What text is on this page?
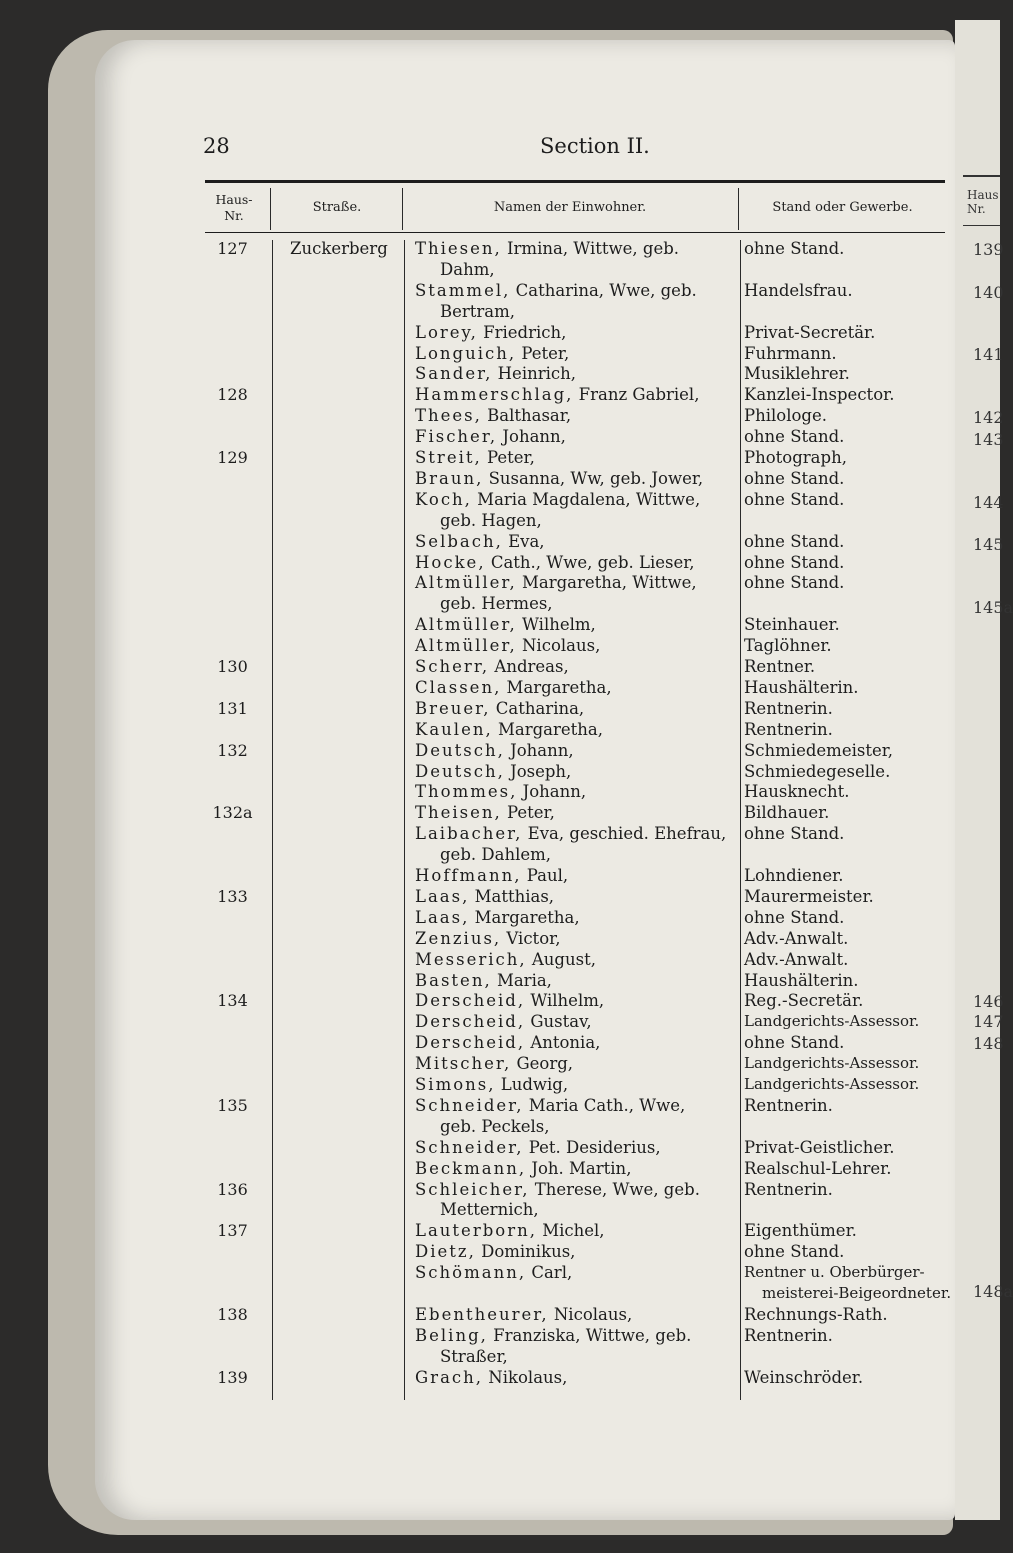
28	Section II.
Haus-
Nr.
Straße.	Namen der Einwohner.	Stand oder Gewerbe.
127	Zuckerberg	Thiesen, Irmina, Wittwe, geb.	ohne Stand.
Dahm,
Stammel, Catharina, Wwe, geb.	Handelsfrau.
Bertram,
Lorey, Friedrich,	Privat-Secretär.
Longuich, Peter,	Fuhrmann.
Sander, Heinrich,	Musiklehrer.
128	Hammerschlag, Franz Gabriel,	Kanzlei-Inspector.
Thees, Balthasar,	Philologe.
Fischer, Johann,	ohne Stand.
129	Streit, Peter,	Photograph,
Braun, Susanna, Ww, geb. Jower,	ohne Stand.
Koch, Maria Magdalena, Wittwe,	ohne Stand.
geb. Hagen,
Selbach, Eva,	ohne Stand.
Hocke, Cath., Wwe, geb. Lieser,	ohne Stand.
Altmüller, Margaretha, Wittwe,	ohne Stand.
geb. Hermes,
Altmüller, Wilhelm,	Steinhauer.
Altmüller, Nicolaus,	Taglöhner.
130	Scherr, Andreas,	Rentner.
Classen, Margaretha,	Haushälterin.
131	Breuer, Catharina,	Rentnerin.
Kaulen, Margaretha,	Rentnerin.
132	Deutsch, Johann,	Schmiedemeister,
Deutsch, Joseph,	Schmiedegeselle.
Thommes, Johann,	Hausknecht.
132a	Theisen, Peter,	Bildhauer.
Laibacher, Eva, geschied. Ehefrau,	ohne Stand.
geb. Dahlem,
Hoffmann, Paul,	Lohndiener.
133	Laas, Matthias,	Maurermeister.
Laas, Margaretha,	ohne Stand.
Zenzius, Victor,	Adv.-Anwalt.
Messerich, August,	Adv.-Anwalt.
Basten, Maria,	Haushälterin.
134	Derscheid, Wilhelm,	Reg.-Secretär.
Derscheid, Gustav,	Landgerichts-Assessor.
Derscheid, Antonia,	ohne Stand.
Mitscher, Georg,	Landgerichts-Assessor.
Simons, Ludwig,	Landgerichts-Assessor.
135	Schneider, Maria Cath., Wwe,	Rentnerin.
geb. Peckels,
Schneider, Pet. Desiderius,	Privat-Geistlicher.
Beckmann, Joh. Martin,	Realschul-Lehrer.
136	Schleicher, Therese, Wwe, geb.	Rentnerin.
Metternich,
137	Lauterborn, Michel,	Eigenthümer.
Dietz, Dominikus,	ohne Stand.
Schömann, Carl,	Rentner u. Oberbürger-
meisterei-Beigeordneter.
138	Ebentheurer, Nicolaus,	Rechnungs-Rath.
Beling, Franziska, Wittwe, geb.	Rentnerin.
Straßer,
139	Grach, Nikolaus,	Weinschröder.
Haus
Nr.
139
140
141
142
143
144
145
145a
146
147
148
148a
